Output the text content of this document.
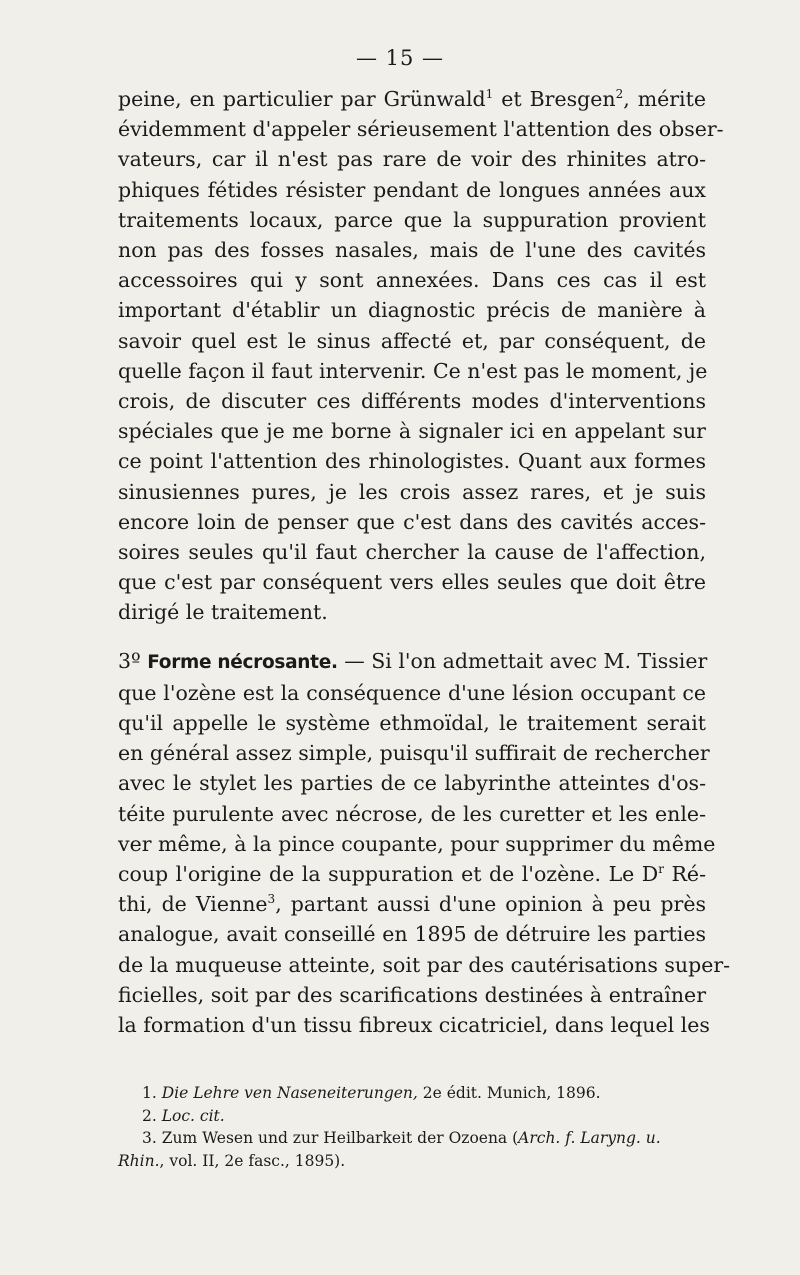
— 15 —
peine, en particulier par Grünwald$^1$ et Bresgen$^2$, mérite
évidemment d'appeler sérieusement l'attention des obser-
vateurs, car il n'est pas rare de voir des rhinites atro-
phiques fétides résister pendant de longues années aux
traitements locaux, parce que la suppuration provient
non pas des fosses nasales, mais de l'une des cavités
accessoires qui y sont annexées. Dans ces cas il est
important d'établir un diagnostic précis de manière à
savoir quel est le sinus affecté et, par conséquent, de
quelle façon il faut intervenir. Ce n'est pas le moment, je
crois, de discuter ces différents modes d'interventions
spéciales que je me borne à signaler ici en appelant sur
ce point l'attention des rhinologistes. Quant aux formes
sinusiennes pures, je les crois assez rares, et je suis
encore loin de penser que c'est dans des cavités acces-
soires seules qu'il faut chercher la cause de l'affection,
que c'est par conséquent vers elles seules que doit être
dirigé le traitement.
3º Forme nécrosante. — Si l'on admettait avec M. Tissier
que l'ozène est la conséquence d'une lésion occupant ce
qu'il appelle le système ethmoïdal, le traitement serait
en général assez simple, puisqu'il suffirait de rechercher
avec le stylet les parties de ce labyrinthe atteintes d'os-
téite purulente avec nécrose, de les curetter et les enle-
ver même, à la pince coupante, pour supprimer du même
coup l'origine de la suppuration et de l'ozène. Le $D^r$ Ré-
thi, de Vienne$^3$, partant aussi d'une opinion à peu près
analogue, avait conseillé en 1895 de détruire les parties
de la muqueuse atteinte, soit par des cautérisations super-
ficielles, soit par des scarifications destinées à entraîner
la formation d'un tissu fibreux cicatriciel, dans lequel les
1. Die Lehre ven Naseneiterungen, 2e édit. Munich, 1896.
2. Loc. cit.
3. Zum Wesen und zur Heilbarkeit der Ozoena (Arch. f. Laryng. u.
Rhin., vol. II, 2e fasc., 1895).
